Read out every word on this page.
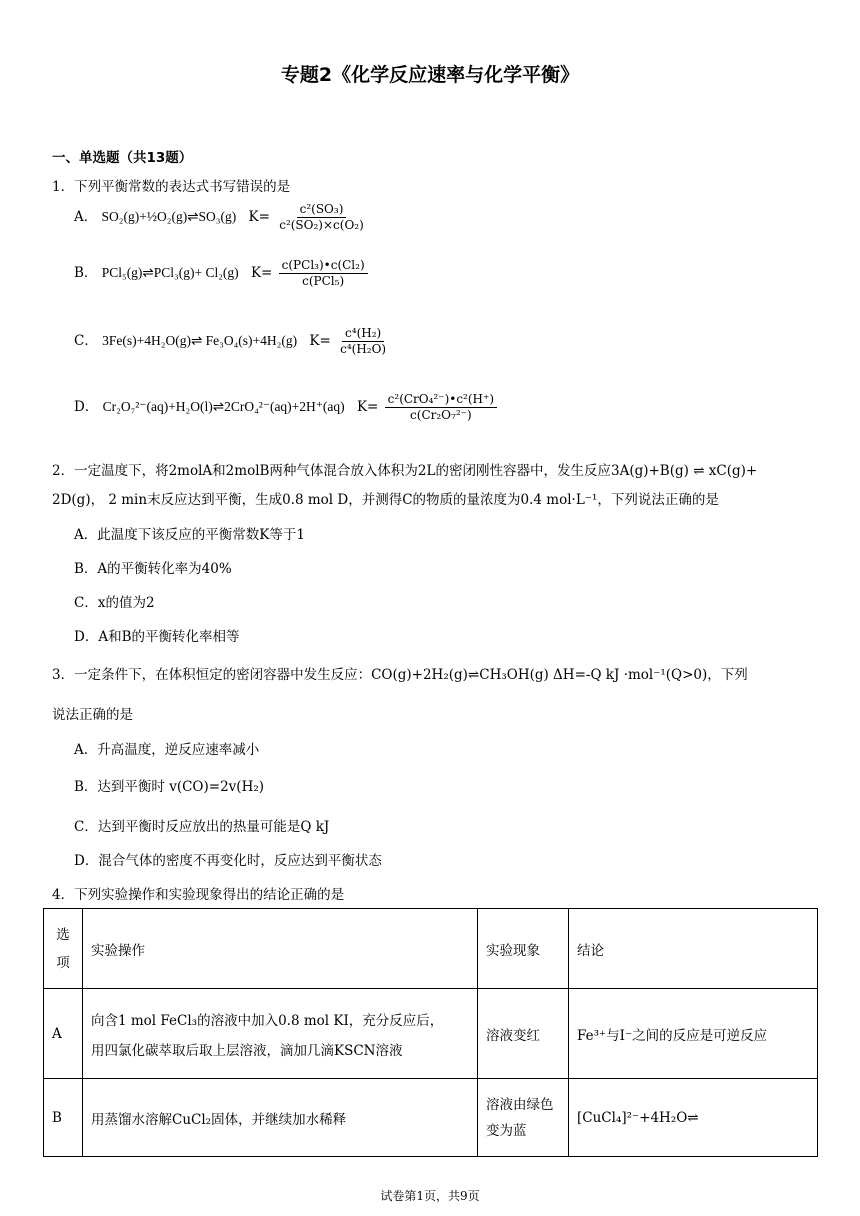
专题2《化学反应速率与化学平衡》
一、单选题（共13题）
1．下列平衡常数的表达式书写错误的是
A． SO₂(g)+½O₂(g)⇌SO₃(g) $K= \frac{\text{c²(SO₃)}}{\text{c²(SO₂)×c(O₂)}}$
B． PCl₅(g)⇌PCl₃(g)+ Cl₂(g) $K= \frac{\text{c(PCl₃)•c(Cl₂)}}{\text{c(PCl₅)}}$
C． 3Fe(s)+4H₂O(g)⇌ Fe₃O₄(s)+4H₂(g) $K= \frac{\text{c⁴(H₂)}}{\text{c⁴(H₂O)}}$
D． Cr₂O₇²⁻(aq)+H₂O(l)⇌2CrO₄²⁻(aq)+2H⁺(aq) $K= \frac{\text{c²(CrO₄²⁻)•c²(H⁺)}}{\text{c(Cr₂O₇²⁻)}}$
2．一定温度下，将2molA和2molB两种气体混合放入体积为2L的密闭刚性容器中，发生反应3A(g)+B(g) ⇌ xC(g)+
2D(g)， 2 min末反应达到平衡，生成0.8 mol D，并测得C的物质的量浓度为0.4 mol·L⁻¹，下列说法正确的是
A．此温度下该反应的平衡常数K等于1
B．A的平衡转化率为40%
C．x的值为2
D．A和B的平衡转化率相等
3．一定条件下，在体积恒定的密闭容器中发生反应：CO(g)+2H₂(g)⇌CH₃OH(g) ΔH=-Q kJ ·mol⁻¹(Q>0)，下列
说法正确的是
A．升高温度，逆反应速率减小
B．达到平衡时 v(CO)=2v(H₂)
C．达到平衡时反应放出的热量可能是Q kJ
D．混合气体的密度不再变化时，反应达到平衡状态
4．下列实验操作和实验现象得出的结论正确的是
选项	实验操作	实验现象	结论
A	向含1 mol FeCl₃的溶液中加入0.8 mol KI，充分反应后，
用四氯化碳萃取后取上层溶液，滴加几滴KSCN溶液	溶液变红	Fe³⁺与I⁻之间的反应是可逆反应
B	用蒸馏水溶解CuCl₂固体，并继续加水稀释	溶液由绿色变为蓝	[CuCl₄]²⁻+4H₂O⇌
试卷第1页，共9页
